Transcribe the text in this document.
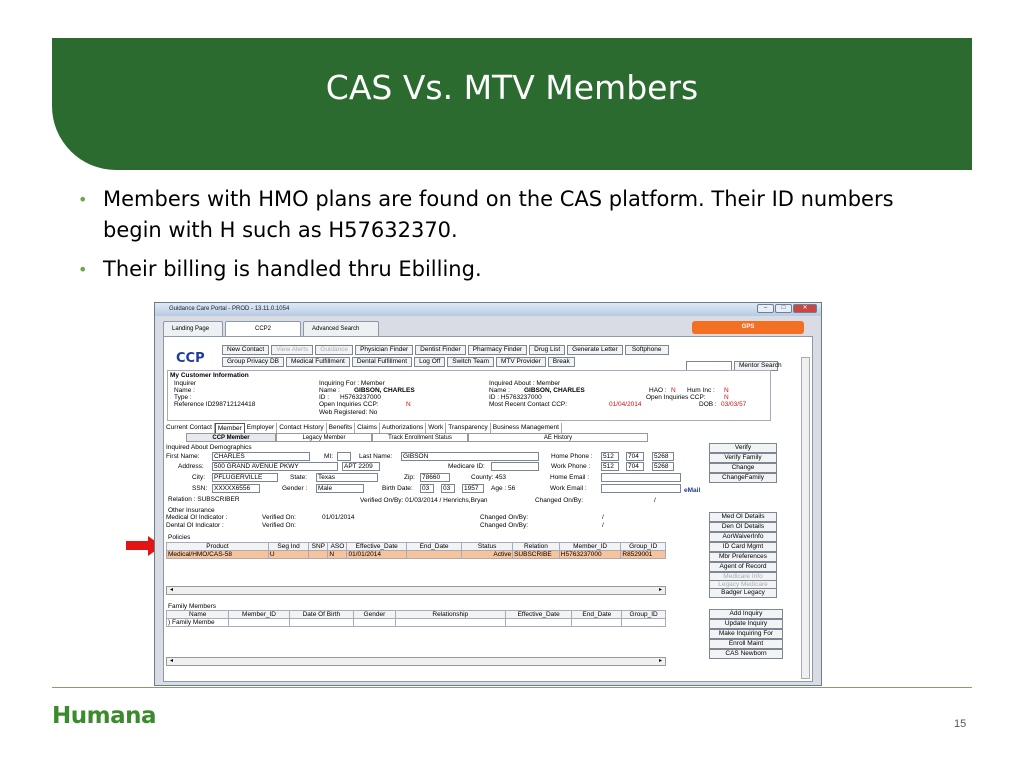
CAS Vs. MTV Members
• Members with HMO plans are found on the CAS platform. Their ID numbers begin with H such as H57632370.
• Their billing is handled thru Ebilling.
Humana	15
Guidance Care Portal - PROD - 13.11.0.1054	–	□	✕
Landing Page	CCP2	Advanced Search	GPS
CCP
New Contact	View Alerts	Guidance	Physician Finder	Dentist Finder	Pharmacy Finder	Drug List	Generate Letter	Softphone
Group Privacy DB	Medical Fulfillment	Dental Fulfillment	Log Off	Switch Team	MTV Provider	Break
Mentor Search
My Customer Information
Inquirer
Name :
Type :
Reference ID:
298712124418
Inquiring For : Member
Name : GIBSON, CHARLES
ID : H5763237000
Open Inquiries CCP:	N
Web Registered: No
Inquired About : Member
Name : GIBSON, CHARLES
ID : H5763237000
Most Recent Contact CCP:	01/04/2014
HAO : N Hum Inc : N
Open Inquiries CCP:	N
DOB : 03/03/57
Current Contact Member Employer Contact History Benefits Claims Authorizations Work Transparency Business Management
CCP Member	Legacy Member	Track Enrollment Status	AE History
Inquired About Demographics
First Name:	CHARLES	MI:	Last Name:	GIBSON	Home Phone :	512	704	5268
Address:	500 GRAND AVENUE PKWY	APT 2209	Medicare ID:	Work Phone :	512	704	5268
City:	PFLUGERVILLE	State:	Texas	Zip:	78660	County: 453	Home Email :
SSN:	XXXXX6556	Gender :	Male	Birth Date:	03	03	1957	Age : 56	Work Email :	eMail
Relation : SUBSCRIBER	Verified On/By: 01/03/2014 / Henrichs,Bryan	Changed On/By:	/
Verify
Verify Family
Change
ChangeFamily
Other Insurance
Medical OI Indicator :	Verified On:	01/01/2014	Changed On/By:	/
Dental OI Indicator :	Verified On:	Changed On/By:	/
Med OI Details
Den OI Details
Policies
Product	Seg Ind	SNP	ASO	Effective_Date	End_Date	Status	Relation	Member_ID	Group_ID
Medical/HMO/CAS-58	U		N	01/01/2014		Active	SUBSCRIBE	H5763237000	R8529001

◂	▸
AorWaiverInfo
ID Card Mgmt
Mbr Preferences
Agent of Record
Medicare Info
Legacy Medicare
Badger Legacy
Family Members
Name	Member_ID	Date Of Birth	Gender	Relationship	Effective_Date	End_Date	Group_ID
) Family Membe							
◂	▸
Add Inquiry
Update Inquiry
Make Inquiring For
Enroll Maint
CAS Newborn
